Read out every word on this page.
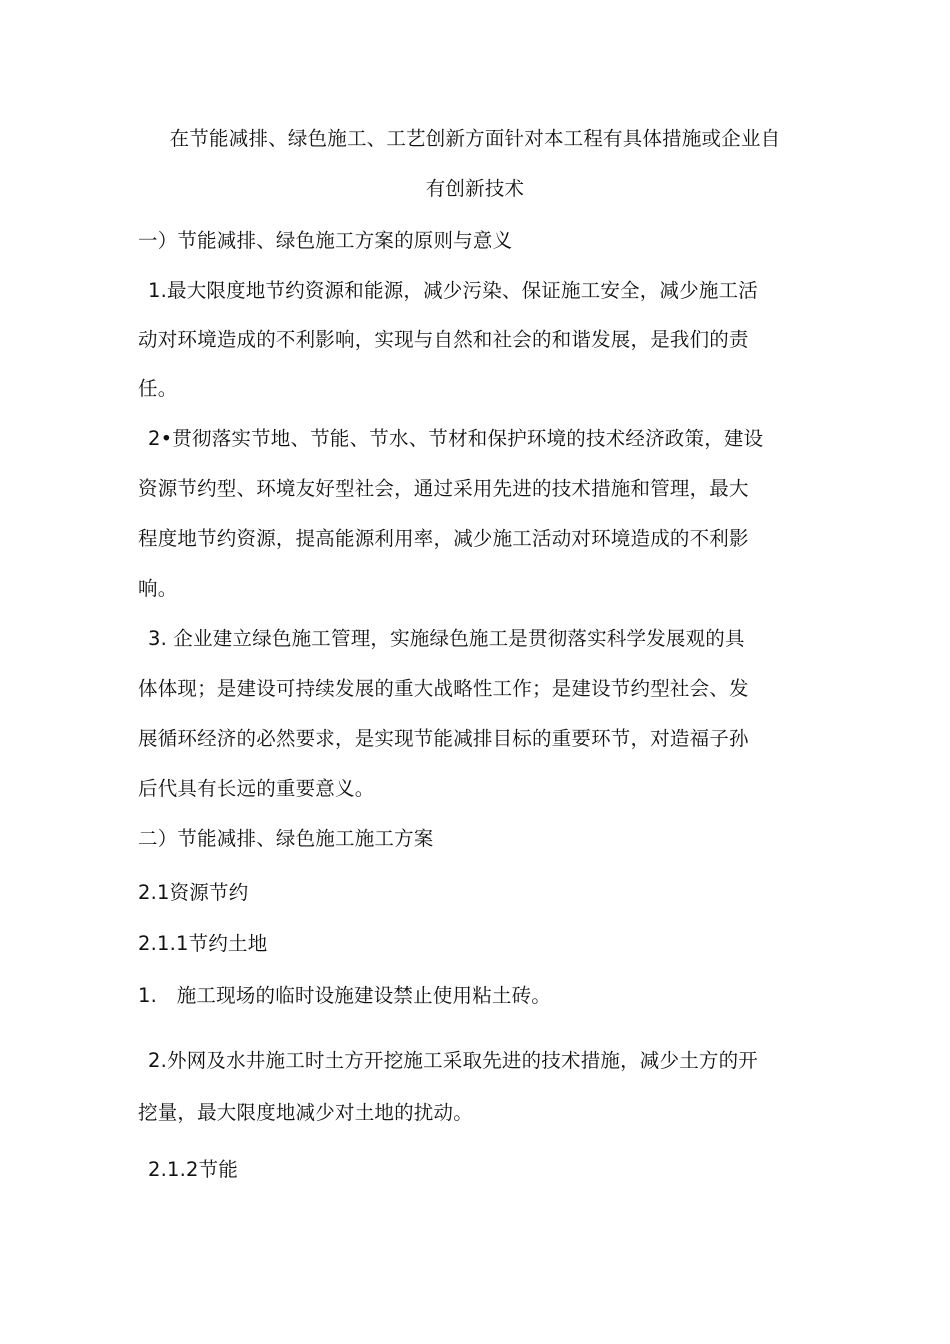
在节能减排、绿色施工、工艺创新方面针对本工程有具体措施或企业自
有创新技术
一）节能减排、绿色施工方案的原则与意义
1.最大限度地节约资源和能源，减少污染、保证施工安全，减少施工活
动对环境造成的不利影响，实现与自然和社会的和谐发展，是我们的责
任。
2•贯彻落实节地、节能、节水、节材和保护环境的技术经济政策，建设
资源节约型、环境友好型社会，通过采用先进的技术措施和管理，最大
程度地节约资源，提高能源利用率，减少施工活动对环境造成的不利影
响。
3. 企业建立绿色施工管理，实施绿色施工是贯彻落实科学发展观的具
体体现；是建设可持续发展的重大战略性工作；是建设节约型社会、发
展循环经济的必然要求，是实现节能减排目标的重要环节，对造福子孙
后代具有长远的重要意义。
二）节能减排、绿色施工施工方案
2.1资源节约
2.1.1节约土地
1.　施工现场的临时设施建设禁止使用粘土砖。
2.外网及水井施工时土方开挖施工采取先进的技术措施，减少土方的开
挖量，最大限度地减少对土地的扰动。
2.1.2节能
